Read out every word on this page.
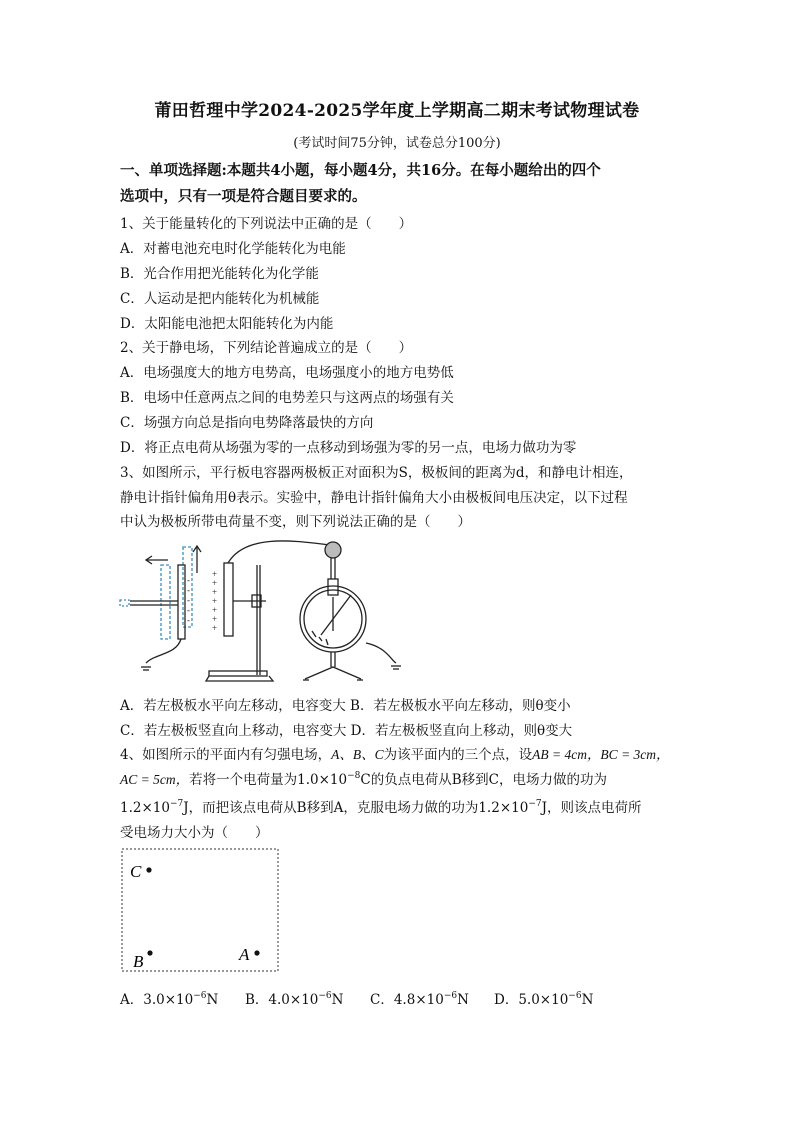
莆田哲理中学2024-2025学年度上学期高二期末考试物理试卷
(考试时间75分钟，试卷总分100分)
一、单项选择题:本题共4小题，每小题4分，共16分。在每小题给出的四个
选项中，只有一项是符合题目要求的。
1、关于能量转化的下列说法中正确的是（　　）
A．对蓄电池充电时化学能转化为电能
B．光合作用把光能转化为化学能
C．人运动是把内能转化为机械能
D．太阳能电池把太阳能转化为内能
2、关于静电场，下列结论普遍成立的是（　　）
A．电场强度大的地方电势高，电场强度小的地方电势低
B．电场中任意两点之间的电势差只与这两点的场强有关
C．场强方向总是指向电势降落最快的方向
D．将正点电荷从场强为零的一点移动到场强为零的另一点，电场力做功为零
3、如图所示，平行板电容器两极板正对面积为S，极板间的距离为d，和静电计相连，
静电计指针偏角用θ表示。实验中，静电计指针偏角大小由极板间电压决定，以下过程
中认为极板所带电荷量不变，则下列说法正确的是（　　）
+
+
+
+
+
+
+
-
-
-
-
-
A．若左极板水平向左移动，电容变大 B．若左极板水平向左移动，则θ变小
C．若左极板竖直向上移动，电容变大 D．若左极板竖直向上移动，则θ变大
4、如图所示的平面内有匀强电场，A、B、C为该平面内的三个点，设AB = 4cm，BC = 3cm，
AC = 5cm，若将一个电荷量为$1.0\times 10^{-8}C$的负点电荷从B移到C，电场力做的功为
$1.2\times 10^{-7}J$，而把该点电荷从B移到A，克服电场力做的功为$1.2\times 10^{-7}J$，则该点电荷所
受电场力大小为（　　）
C
B	A
A．$3.0\times 10^{-6}N$ B．$4.0\times 10^{-6}N$ C．$4.8\times 10^{-6}N$ D．$5.0\times 10^{-6}N$
